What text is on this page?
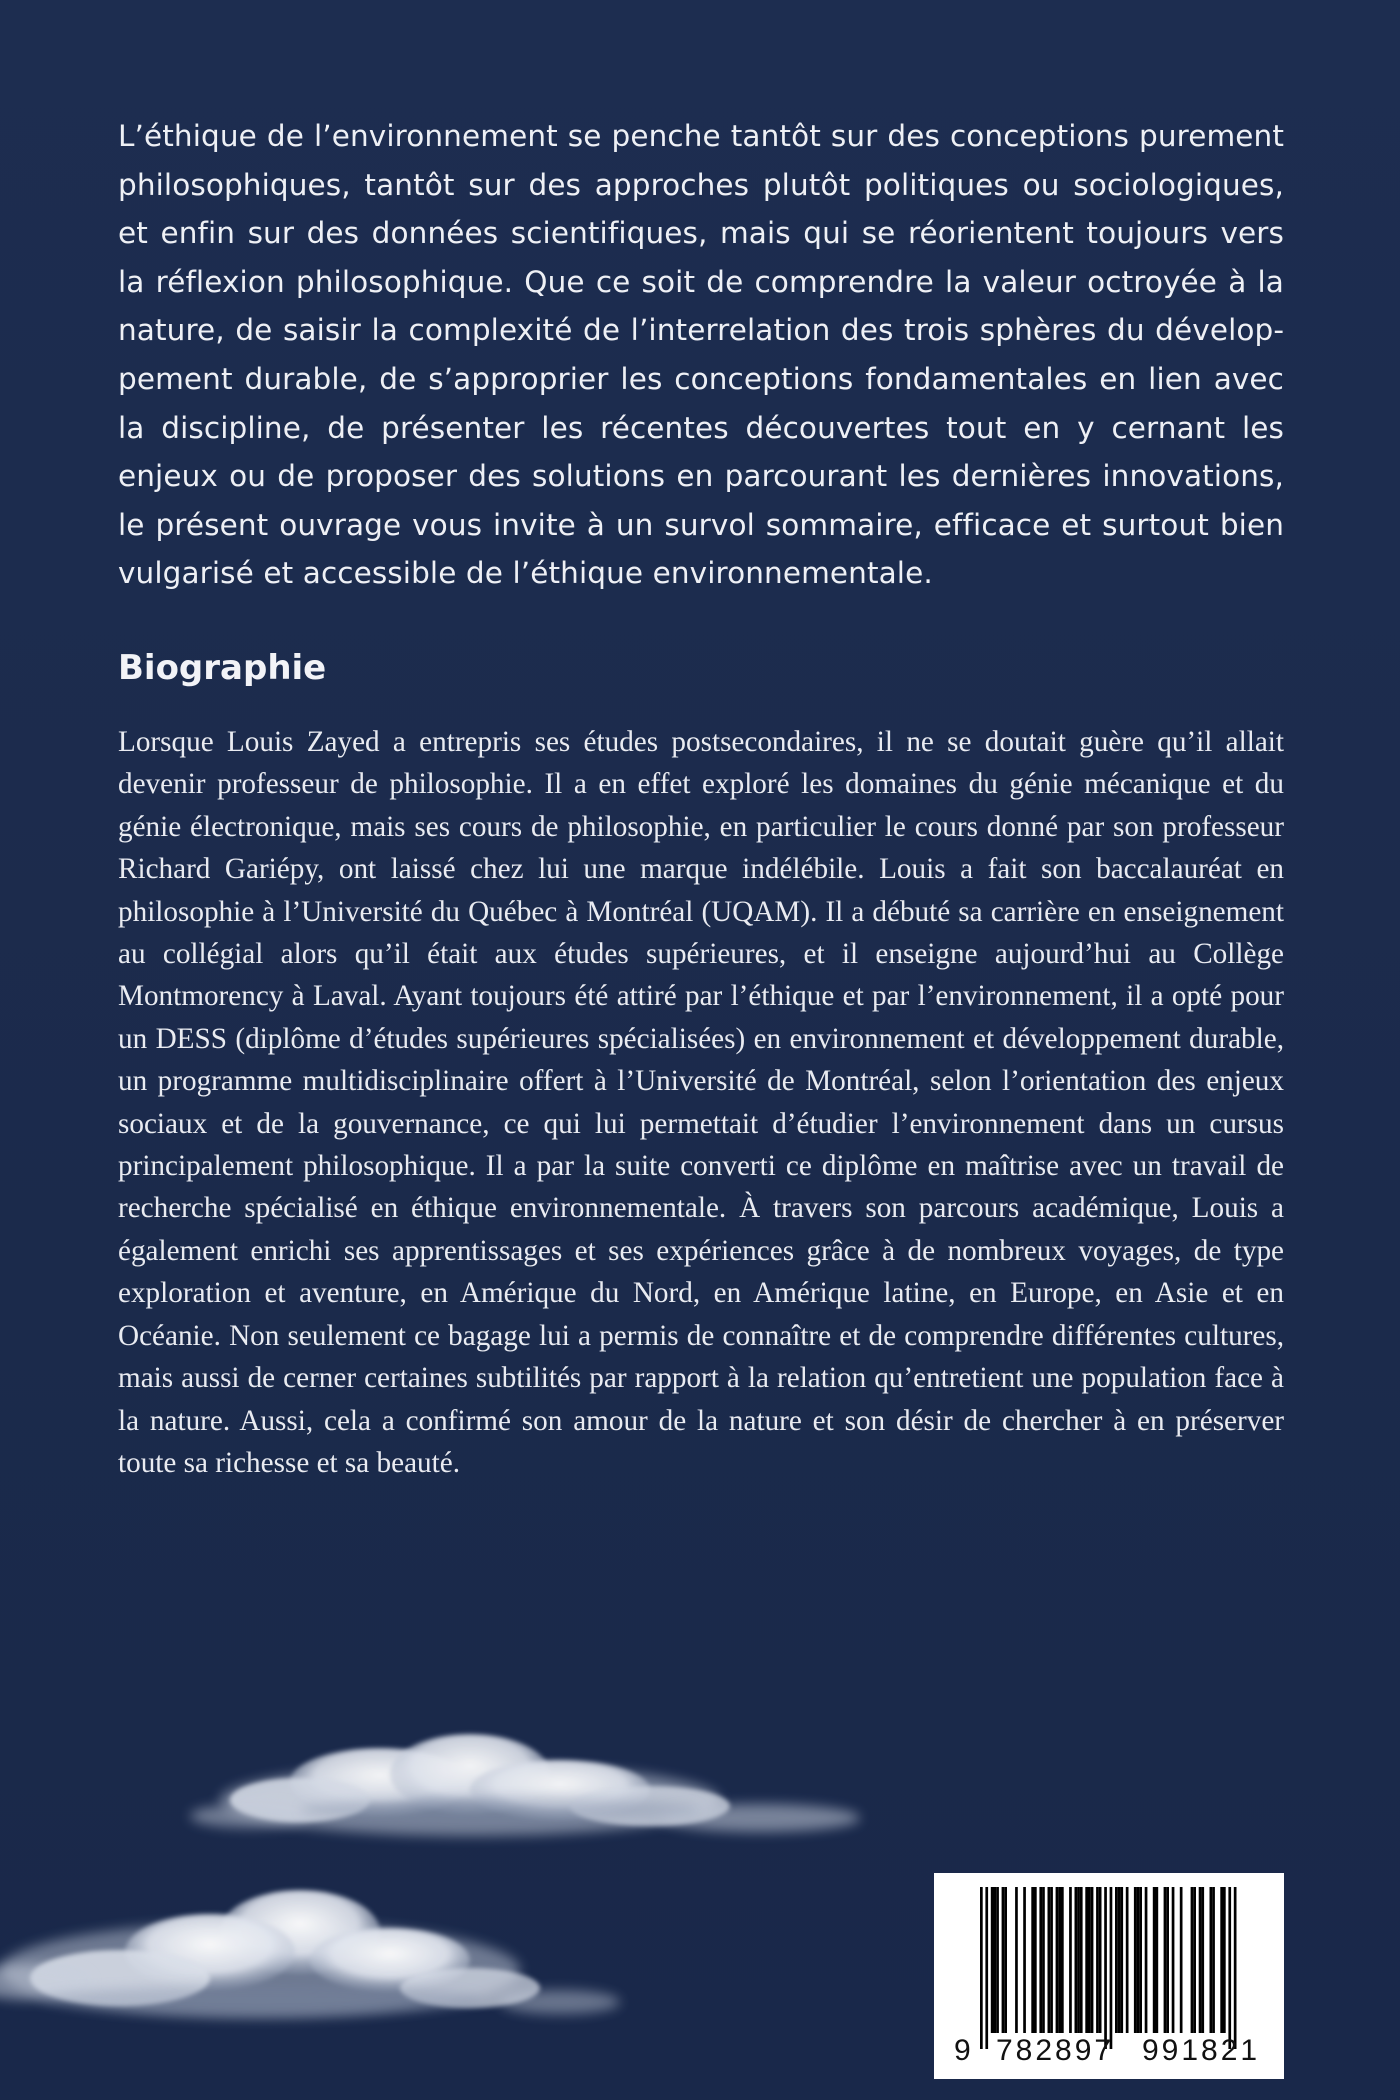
L’éthique de l’environnement se penche tantôt sur des conceptions purement philosophiques, tantôt sur des approches plutôt politiques ou sociologiques, et enfin sur des données scientifiques, mais qui se réorientent toujours vers la réflexion philosophique. Que ce soit de comprendre la valeur octroyée à la nature, de saisir la complexité de l’interrelation des trois sphères du développement durable, de s’approprier les conceptions fondamentales en lien avec la discipline, de présenter les récentes découvertes tout en y cernant les enjeux ou de proposer des solutions en parcourant les dernières innovations, le présent ouvrage vous invite à un survol sommaire, efficace et surtout bien vulgarisé et accessible de l’éthique environnementale.

Biographie

Lorsque Louis Zayed a entrepris ses études postsecondaires, il ne se doutait guère qu’il allait devenir professeur de philosophie. Il a en effet exploré les domaines du génie mécanique et du génie électronique, mais ses cours de philosophie, en particulier le cours donné par son professeur Richard Gariépy, ont laissé chez lui une marque indélébile. Louis a fait son baccalauréat en philosophie à l’Université du Québec à Montréal (UQAM). Il a débuté sa carrière en enseignement au collégial alors qu’il était aux études supérieures, et il enseigne aujourd’hui au Collège Montmorency à Laval. Ayant toujours été attiré par l’éthique et par l’environnement, il a opté pour un DESS (diplôme d’études supérieures spécialisées) en environnement et développement durable, un programme multidisciplinaire offert à l’Université de Montréal, selon l’orientation des enjeux sociaux et de la gouvernance, ce qui lui permettait d’étudier l’environnement dans un cursus principalement philosophique. Il a par la suite converti ce diplôme en maîtrise avec un travail de recherche spécialisé en éthique environnementale. À travers son parcours académique, Louis a également enrichi ses apprentissages et ses expériences grâce à de nombreux voyages, de type exploration et aventure, en Amérique du Nord, en Amérique latine, en Europe, en Asie et en Océanie. Non seulement ce bagage lui a permis de connaître et de comprendre différentes cultures, mais aussi de cerner certaines subtilités par rapport à la relation qu’entretient une population face à la nature. Aussi, cela a confirmé son amour de la nature et son désir de chercher à en préserver toute sa richesse et sa beauté.

9 782897 991821
